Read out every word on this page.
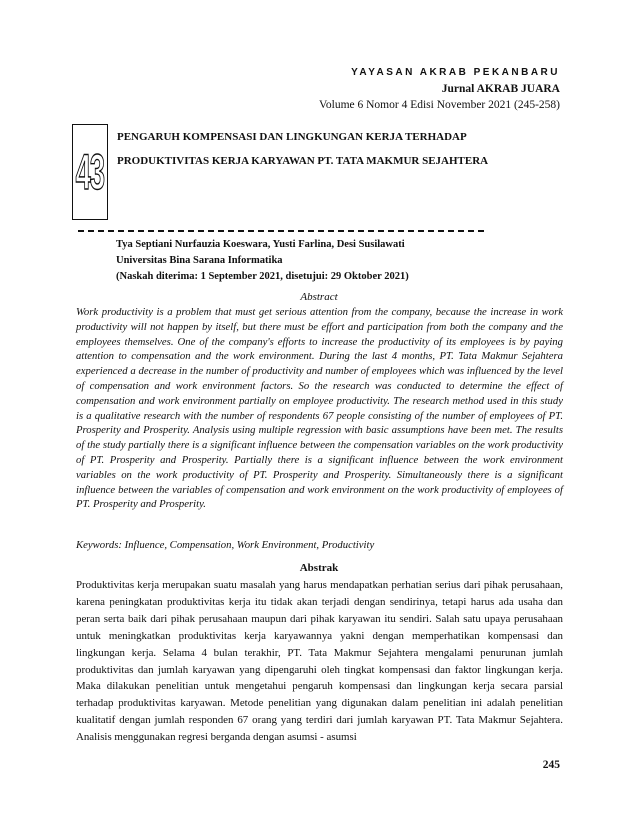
YAYASAN AKRAB PEKANBARU
Jurnal AKRAB JUARA
Volume 6 Nomor 4 Edisi November 2021 (245-258)
43
PENGARUH KOMPENSASI DAN LINGKUNGAN KERJA TERHADAP
PRODUKTIVITAS KERJA KARYAWAN PT. TATA MAKMUR SEJAHTERA
Tya Septiani Nurfauzia Koeswara, Yusti Farlina, Desi Susilawati
Universitas Bina Sarana Informatika
(Naskah diterima: 1 September 2021, disetujui: 29 Oktober 2021)
Abstract

Work productivity is a problem that must get serious attention from the company, because the increase in work productivity will not happen by itself, but there must be effort and participation from both the company and the employees themselves. One of the company's efforts to increase the productivity of its employees is by paying attention to compensation and the work environment. During the last 4 months, PT. Tata Makmur Sejahtera experienced a decrease in the number of productivity and number of employees which was influenced by the level of compensation and work environment factors. So the research was conducted to determine the effect of compensation and work environment partially on employee productivity. The research method used in this study is a qualitative research with the number of respondents 67 people consisting of the number of employees of PT. Prosperity and Prosperity. Analysis using multiple regression with basic assumptions have been met. The results of the study partially there is a significant influence between the compensation variables on the work productivity of PT. Prosperity and Prosperity. Partially there is a significant influence between the work environment variables on the work productivity of PT. Prosperity and Prosperity. Simultaneously there is a significant influence between the variables of compensation and work environment on the work productivity of employees of PT. Prosperity and Prosperity.

Keywords: Influence, Compensation, Work Environment, Productivity
Abstrak

Produktivitas kerja merupakan suatu masalah yang harus mendapatkan perhatian serius dari pihak perusahaan, karena peningkatan produktivitas kerja itu tidak akan terjadi dengan sendirinya, tetapi harus ada usaha dan peran serta baik dari pihak perusahaan maupun dari pihak karyawan itu sendiri. Salah satu upaya perusahaan untuk meningkatkan produktivitas kerja karyawannya yakni dengan memperhatikan kompensasi dan lingkungan kerja. Selama 4 bulan terakhir, PT. Tata Makmur Sejahtera mengalami penurunan jumlah produktivitas dan jumlah karyawan yang dipengaruhi oleh tingkat kompensasi dan faktor lingkungan kerja. Maka dilakukan penelitian untuk mengetahui pengaruh kompensasi dan lingkungan kerja secara parsial terhadap produktivitas karyawan. Metode penelitian yang digunakan dalam penelitian ini adalah penelitian kualitatif dengan jumlah responden 67 orang yang terdiri dari jumlah karyawan PT. Tata Makmur Sejahtera. Analisis menggunakan regresi berganda dengan asumsi - asumsi

245
